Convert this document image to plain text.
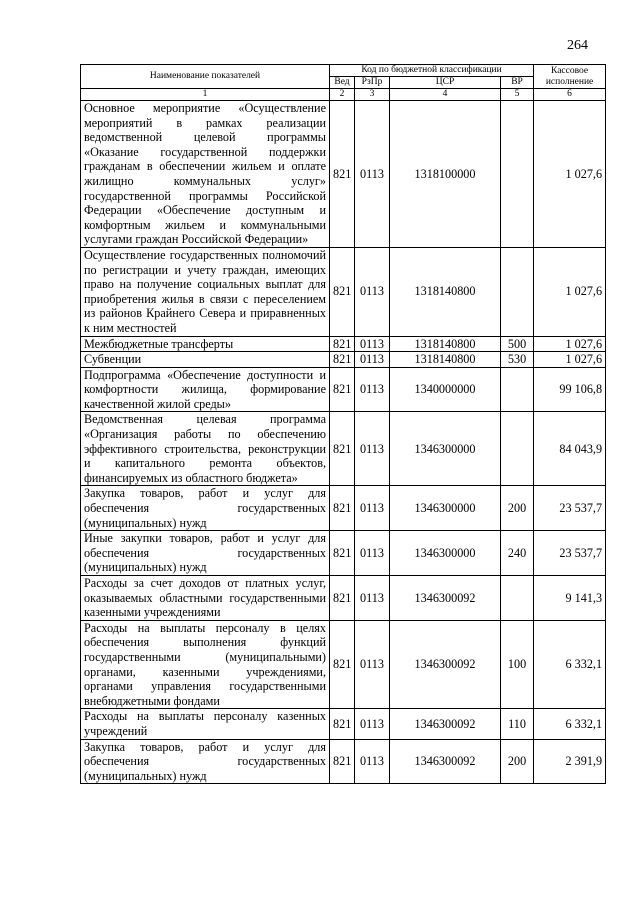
264
Наименование показателей	Код по бюджетной классификации				Кассовое исполнение
	Вед	РзПр	ЦСР	ВР	
1	2	3	4	5	6
Основное мероприятие «Осуществление мероприятий в рамках реализации ведомственной целевой программы «Оказание государственной поддержки гражданам в обеспечении жильем и оплате жилищно коммунальных услуг» государственной программы Российской Федерации «Обеспечение доступным и комфортным жильем и коммунальными услугами граждан Российской Федерации»	821	0113	1318100000		1 027,6
Осуществление государственных полномочий по регистрации и учету граждан, имеющих право на получение социальных выплат для приобретения жилья в связи с переселением из районов Крайнего Севера и приравненных к ним местностей	821	0113	1318140800		1 027,6
Межбюджетные трансферты	821	0113	1318140800	500	1 027,6
Субвенции	821	0113	1318140800	530	1 027,6
Подпрограмма «Обеспечение доступности и комфортности жилища, формирование качественной жилой среды»	821	0113	1340000000		99 106,8
Ведомственная целевая программа «Организация работы по обеспечению эффективного строительства, реконструкции и капитального ремонта объектов, финансируемых из областного бюджета»	821	0113	1346300000		84 043,9
Закупка товаров, работ и услуг для обеспечения государственных (муниципальных) нужд	821	0113	1346300000	200	23 537,7
Иные закупки товаров, работ и услуг для обеспечения государственных (муниципальных) нужд	821	0113	1346300000	240	23 537,7
Расходы за счет доходов от платных услуг, оказываемых областными государственными казенными учреждениями	821	0113	1346300092		9 141,3
Расходы на выплаты персоналу в целях обеспечения выполнения функций государственными (муниципальными) органами, казенными учреждениями, органами управления государственными внебюджетными фондами	821	0113	1346300092	100	6 332,1
Расходы на выплаты персоналу казенных учреждений	821	0113	1346300092	110	6 332,1
Закупка товаров, работ и услуг для обеспечения государственных (муниципальных) нужд	821	0113	1346300092	200	2 391,9
